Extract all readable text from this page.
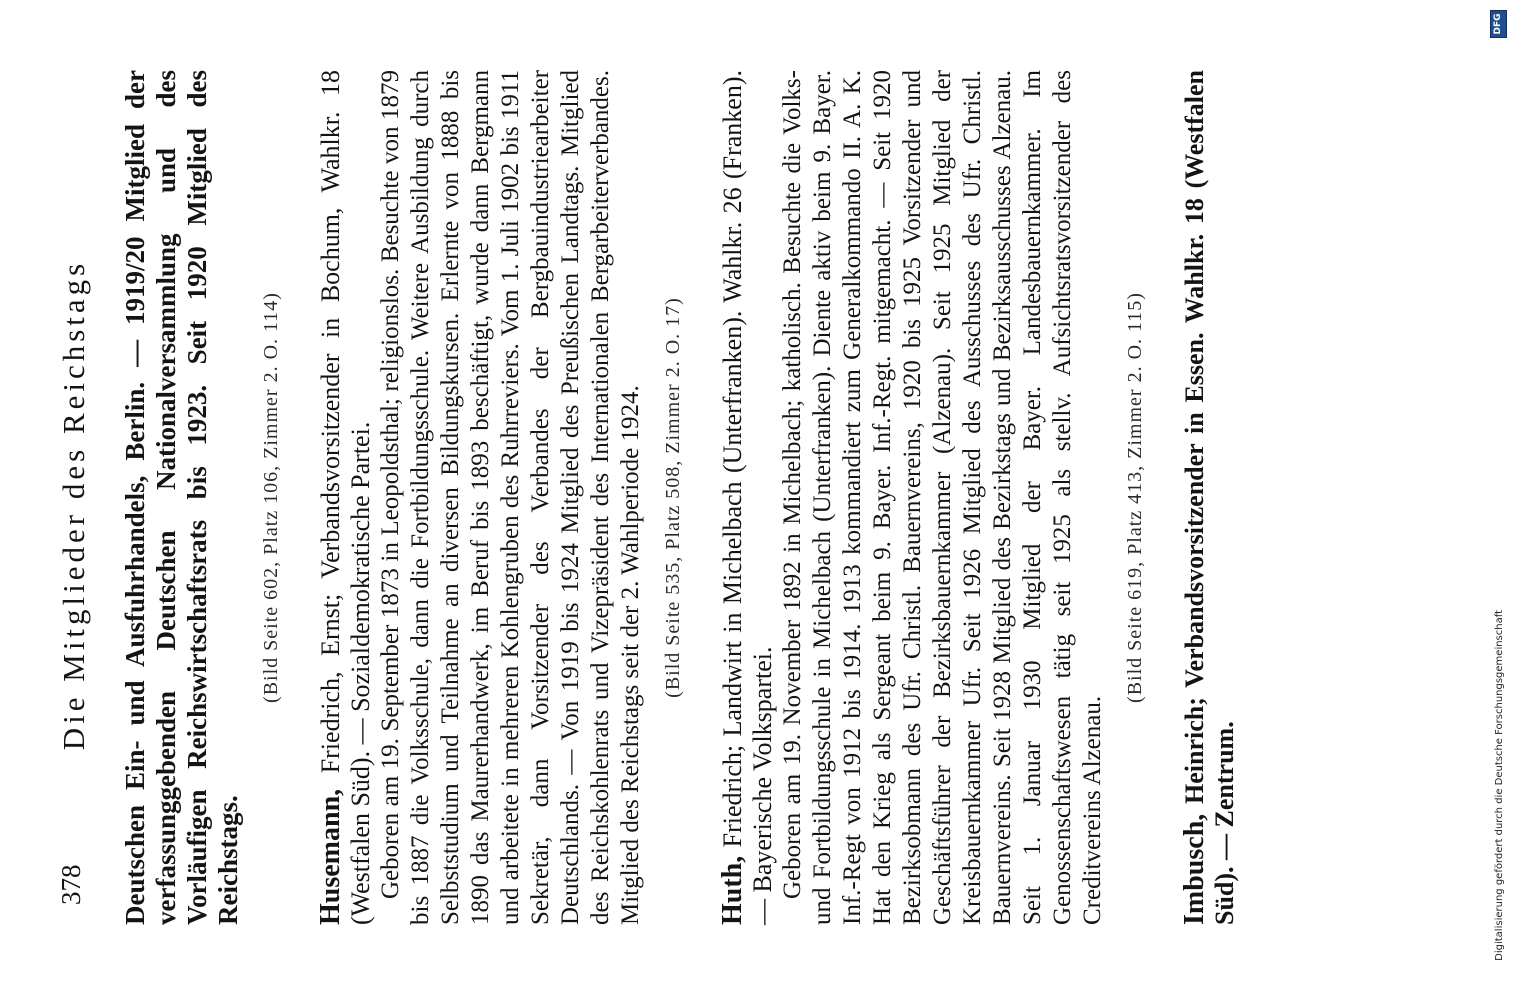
378
Die Mitglieder des Reichstags Deutschen Ein- und Ausfuhrhandels, Berlin. — 1919/20 Mitglied der verfassunggebenden Deutschen Nationalversammlung und des Vorläufigen Reichswirtschaftsrats bis 1923. Seit 1920 Mitglied des Reichstags.

(Bild Seite 602, Platz 106, Zimmer 2. O. 114)

Husemann, Friedrich, Ernst; Verbandsvorsitzender in Bochum, Wahlkr. 18 (Westfalen Süd). — Sozialdemokratische Partei. Geboren am 19. September 1873 in Leopoldsthal; religionslos. Besuchte von 1879 bis 1887 die Volksschule, dann die Fortbildungsschule. Weitere Ausbildung durch Selbststudium und Teilnahme an diversen Bildungskursen. Erlernte von 1888 bis 1890 das Maurerhandwerk, im Beruf bis 1893 beschäftigt, wurde dann Bergmann und arbeitete in mehreren Kohlengruben des Ruhrreviers. Vom 1. Juli 1902 bis 1911 Sekretär, dann Vorsitzender des Verbandes der Bergbauindustriearbeiter Deutschlands. — Von 1919 bis 1924 Mitglied des Preußischen Landtags. Mitglied des Reichskohlenrats und Vizepräsident des Internationalen Bergarbeiterverbandes. Mitglied des Reichstags seit der 2. Wahlperiode 1924. (Bild Seite 535, Platz 508, Zimmer 2. O. 17)

Huth, Friedrich; Landwirt in Michelbach (Unterfranken). Wahlkr. 26 (Franken). — Bayerische Volkspartei. Geboren am 19. November 1892 in Michelbach; katholisch. Besuchte die Volks- und Fortbildungsschule in Michelbach (Unterfranken). Diente aktiv beim 9. Bayer. Inf.-Regt von 1912 bis 1914. 1913 kommandiert zum Generalkommando II. A. K. Hat den Krieg als Sergeant beim 9. Bayer. Inf.-Regt. mitgemacht. — Seit 1920 Bezirksobmann des Ufr. Christl. Bauernvereins, 1920 bis 1925 Vorsitzender und Geschäftsführer der Bezirksbauernkammer (Alzenau). Seit 1925 Mitglied der Kreisbauernkammer Ufr. Seit 1926 Mitglied des Ausschusses des Ufr. Christl. Bauernvereins. Seit 1928 Mitglied des Bezirkstags und Bezirksausschusses Alzenau. Seit 1. Januar 1930 Mitglied der Bayer. Landesbauernkammer. Im Genossenschaftswesen tätig seit 1925 als stellv. Aufsichtsratsvorsitzender des Creditvereins Alzenau.

(Bild Seite 619, Platz 413, Zimmer 2. O. 115)

Imbusch, Heinrich; Verbandsvorsitzender in Essen. Wahlkr. 18 (Westfalen Süd). — Zentrum.	Digitalisierung gefördert durch die Deutsche Forschungsgemeinschaft
DFG
